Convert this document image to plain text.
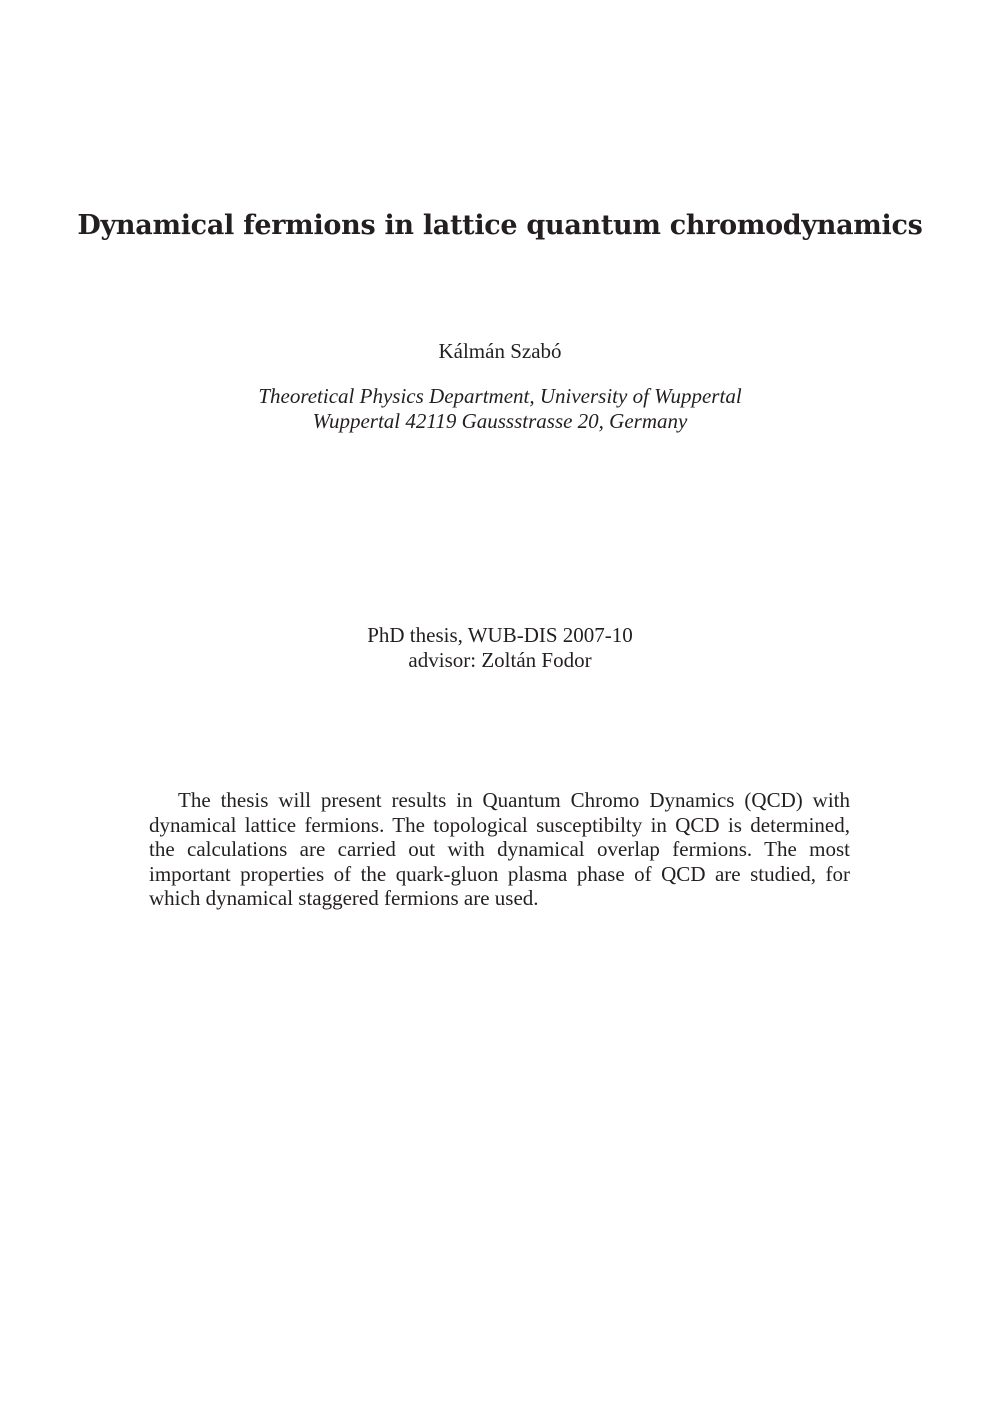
Dynamical fermions in lattice quantum chromodynamics
Kálmán Szabó
Theoretical Physics Department, University of Wuppertal
Wuppertal 42119 Gaussstrasse 20, Germany
PhD thesis, WUB-DIS 2007-10
advisor: Zoltán Fodor

The thesis will present results in Quantum Chromo Dynamics (QCD) with dynamical lattice fermions. The topological susceptibilty in QCD is determined, the calculations are carried out with dynamical overlap fermions. The most important properties of the quark-gluon plasma phase of QCD are studied, for which dynamical staggered fermions are used.
